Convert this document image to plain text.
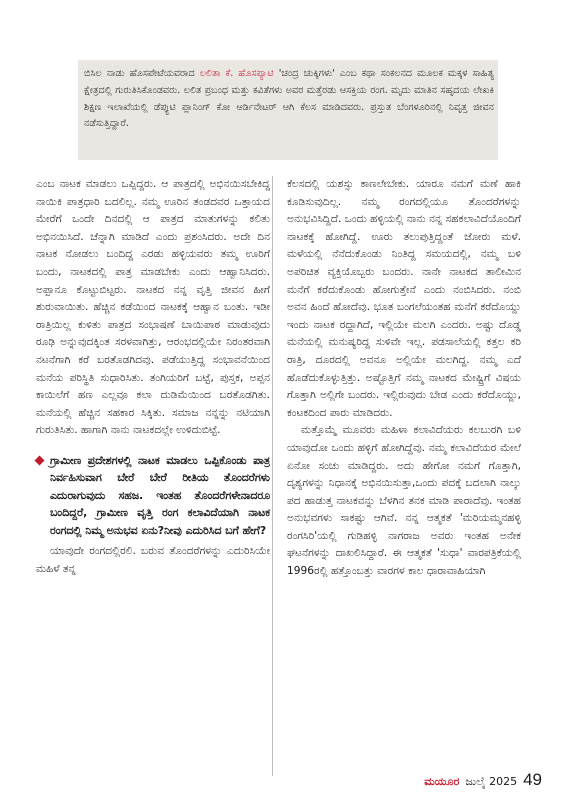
ಬಿಸಿಲ ನಾಡು ಹೊಸಪೇಟೆಯವರಾದ ಲಲಿತಾ ಕೆ. ಹೊಸಪ್ಯಾಟಿ 'ಚಂದ್ರ ಚುಕ್ಕಿಗಳು' ಎಂಬ ಕಥಾ ಸಂಕಲನದ ಮೂಲಕ ಮಕ್ಕಳ ಸಾಹಿತ್ಯ ಕ್ಷೇತ್ರದಲ್ಲಿ ಗುರುತಿಸಿಕೊಂಡವರು. ಲಲಿತ ಪ್ರಬಂಧ ಮತ್ತು ಕವಿತೆಗಳು ಅವರ ಮತ್ತೆರಡು ಆಸಕ್ತಿಯ ರಂಗ. ಮೃದು ಮಾತಿನ ಸಹೃದಯ ಲೇಖಕಿ ಶಿಕ್ಷಣ ಇಲಾಖೆಯಲ್ಲಿ ಡೆಪ್ಯುಟಿ ಪ್ಲಾನಿಂಗ್ ಕೋ ಆರ್ಡಿನೇಟರ್ ಆಗಿ ಕೆಲಸ ಮಾಡಿದವರು. ಪ್ರಸ್ತುತ ಬೆಂಗಳೂರಿನಲ್ಲಿ ನಿವೃತ್ತ ಜೀವನ ನಡೆಸುತ್ತಿದ್ದಾರೆ.

ಎಂಬ ನಾಟಕ ಮಾಡಲು ಒಪ್ಪಿದ್ದರು. ಆ ಪಾತ್ರದಲ್ಲಿ ಅಭಿನಯಿಸಬೇಕಿದ್ದ ನಾಯಿಕಿ ಪಾತ್ರಧಾರಿ ಬದಲಿಲ್ಲ. ನಮ್ಮ ಊರಿನ ತಂಡದವರ ಒತ್ತಾಯದ ಮೇರೆಗೆ ಒಂದೇ ದಿನದಲ್ಲಿ ಆ ಪಾತ್ರದ ಮಾತುಗಳನ್ನು ಕಲಿತು ಅಭಿನಯಿಸಿದೆ. ಚೆನ್ನಾಗಿ ಮಾಡಿದೆ ಎಂದು ಪ್ರಶಂಸಿದರು. ಅದೇ ದಿನ ನಾಟಕ ನೋಡಲು ಬಂದಿದ್ದ ಎರಡು ಹಳ್ಳಿಯವರು ತಮ್ಮ ಊರಿಗೆ ಬಂದು, ನಾಟಕದಲ್ಲಿ ಪಾತ್ರ ಮಾಡಬೇಕು ಎಂದು ಆಹ್ವಾನಿಸಿದರು. ಅಪ್ಪಾನೂ ಕೊಟ್ಟುಬಿಟ್ಟರು. ನಾಟಕದ ನನ್ನ ವೃತ್ತಿ ಜೀವನ ಹೀಗೆ ಶುರುವಾಯಿತು. ಹೆಚ್ಚಿನ ಕಡೆಯಿಂದ ನಾಟಕಕ್ಕೆ ಆಹ್ವಾನ ಬಂತು. ಇಡೀ ರಾತ್ರಿಯಿಲ್ಲ ಕುಳಿತು ಪಾತ್ರದ ಸಂಭಾಷಣೆ ಬಾಯಿಪಾಠ ಮಾಡುವುದು ರೂಢಿ ಅನ್ನುವುದಕ್ಕಿಂತ ಸರಳವಾಗಿತ್ತು, ಆರಂಭದಲ್ಲಿಯೇ ನಿರಂತರವಾಗಿ ನಟನೆಗಾಗಿ ಕರೆ ಬರತೊಡಗಿದವು. ಪಡೆಯುತ್ತಿದ್ದ ಸಂಭಾವನೆಯಿಂದ ಮನೆಯ ಪರಿಸ್ಥಿತಿ ಸುಧಾರಿಸಿತು. ತಂಗಿಯರಿಗೆ ಬಟ್ಟೆ, ಪುಸ್ತಕ, ಅಪ್ಪನ ಕಾಯಿಲೆಗೆ ಹಣ ಎಲ್ಲವೂ ಕಲಾ ದುಡಿಮೆಯಿಂದ ಬರತೊಡಗಿತು. ಮನೆಯಲ್ಲಿ ಹೆಚ್ಚಿನ ಸಹಕಾರ ಸಿಕ್ಕಿತು. ಸಮಾಜ ನನ್ನನ್ನು ನಟಿಯಾಗಿ ಗುರುತಿಸಿತು. ಹಾಗಾಗಿ ನಾನು ನಾಟಕದಲ್ಲೇ ಉಳಿದುಬಿಟ್ಟೆ.

ಗ್ರಾಮೀಣ ಪ್ರದೇಶಗಳಲ್ಲಿ ನಾಟಕ ಮಾಡಲು ಒಪ್ಪಿಕೊಂಡು ಪಾತ್ರ ನಿರ್ವಹಿಸುವಾಗ ಬೇರೆ ಬೇರೆ ರೀತಿಯ ತೊಂದರೆಗಳು ಎದುರಾಗುವುದು ಸಹಜ. ಇಂತಹ ತೊಂದರೆಗಳೇನಾದರೂ ಬಂದಿದ್ದರೆ, ಗ್ರಾಮೀಣ ವೃತ್ತಿ ರಂಗ ಕಲಾವಿದೆಯಾಗಿ ನಾಟಕ ರಂಗದಲ್ಲಿ ನಿಮ್ಮ ಅನುಭವ ಏನು?ನೀವು ಎದುರಿಸಿದ ಬಗೆ ಹೇಗೆ?

ಯಾವುದೇ ರಂಗದಲ್ಲಿರಲಿ. ಬರುವ ತೊಂದರೆಗಳನ್ನು ಎದುರಿಸಿಯೇ ಮಹಿಳೆ ತನ್ನ

ಕೆಲಸದಲ್ಲಿ ಯಶಸ್ಸು ಕಾಣಲೇಬೇಕು. ಯಾರೂ ನಮಗೆ ಮಣೆ ಹಾಕಿ ಕೂಡಿಸುವುದಿಲ್ಲ. ನಮ್ಮ ರಂಗದಲ್ಲಿಯೂ ತೊಂದರೆಗಳನ್ನು ಅನುಭವಿಸಿದ್ದಿದೆ. ಒಂದು ಹಳ್ಳಿಯಲ್ಲಿ ನಾನು ನನ್ನ ಸಹಕಲಾವಿದೆಯೊಂದಿಗೆ ನಾಟಕಕ್ಕೆ ಹೋಗಿದ್ದೆ. ಊರು ತಲುಪುತ್ತಿದ್ದಂತೆ ಜೋರು ಮಳೆ. ಮಳೆಯಲ್ಲಿ ನೆನೆದುಕೊಂಡು ನಿಂತಿದ್ದ ಸಮಯದಲ್ಲಿ, ನಮ್ಮ ಬಳಿ ಅಪರಿಚಿತ ವ್ಯಕ್ತಿಯೊಬ್ಬರು ಬಂದರು. ನಾನೇ ನಾಟಕದ ತಾಲೀಮಿನ ಮನೆಗೆ ಕರೆದುಕೊಂಡು ಹೋಗುತ್ತೇನೆ ಎಂದು ನಂಬಿಸಿದರು. ನಂಬಿ ಅವನ ಹಿಂದೆ ಹೋದೆವು. ಭೂತ ಬಂಗಲೆಯಂತಹ ಮನೆಗೆ ಕರೆದೊಯ್ದು ಇಂದು ನಾಟಕ ರದ್ದಾಗಿದೆ, ಇಲ್ಲಿಯೇ ಮಲಗಿ ಎಂದರು. ಅಷ್ಟು ದೊಡ್ಡ ಮನೆಯಲ್ಲಿ ಮನುಷ್ಯರಿದ್ದ ಸುಳಿವೇ ಇಲ್ಲ. ಪಡಸಾಲೆಯಲ್ಲಿ ಕತ್ತಲ ಕರಿ ರಾತ್ರಿ, ದೂರದಲ್ಲಿ ಅವನೂ ಅಲ್ಲಿಯೇ ಮಲಗಿದ್ದ. ನಮ್ಮ ಎದೆ ಹೊಡೆದುಕೊಳ್ಳುತ್ತಿತ್ತು. ಅಷ್ಟೊತ್ತಿಗೆ ನಮ್ಮ ನಾಟಕದ ಮೇಷ್ಟ್ರಿಗೆ ವಿಷಯ ಗೊತ್ತಾಗಿ ಅಲ್ಲಿಗೇ ಬಂದರು. ಇಲ್ಲಿರುವುದು ಬೇಡ ಎಂದು ಕರೆದೊಯ್ದು, ಕಂಟಕದಿಂದ ಪಾರು ಮಾಡಿದರು.

ಮತ್ತೊಮ್ಮೆ ಮೂವರು ಮಹಿಳಾ ಕಲಾವಿದೆಯರು ಕಲಬುರಗಿ ಬಳಿ ಯಾವುದೋ ಒಂದು ಹಳ್ಳಿಗೆ ಹೋಗಿದ್ದೆವು. ನಮ್ಮ ಕಲಾವಿದೆಯರ ಮೇಲೆ ಏನೋ ಸಂಚು ಮಾಡಿದ್ದರು. ಅದು ಹೇಗೋ ನಮಗೆ ಗೊತ್ತಾಗಿ, ದೃಶ್ಯಗಳನ್ನು ನಿಧಾನಕ್ಕೆ ಅಭಿನಯಿಸುತ್ತಾ,ಒಂದು ಪದಕ್ಕೆ ಬದಲಾಗಿ ನಾಲ್ಕು ಪದ ಹಾಡುತ್ತ ನಾಟಕವನ್ನು ಬೆಳಗಿನ ತನಕ ಮಾಡಿ ಪಾರಾದೆವು. ಇಂತಹ ಅನುಭವಗಳು ಸಾಕಷ್ಟು ಆಗಿವೆ. ನನ್ನ ಆತ್ಮಕತೆ 'ಮರಿಯಮ್ಮನಹಳ್ಳಿ ರಂಗಸಿರಿ'ಯಲ್ಲಿ ಗುಡಿಹಳ್ಳಿ ನಾಗರಾಜ ಅವರು ಇಂತಹ ಅನೇಕ ಘಟನೆಗಳನ್ನು ದಾಖಲಿಸಿದ್ದಾರೆ. ಈ ಆತ್ಮಕತೆ 'ಸುಧಾ' ವಾರಪತ್ರಿಕೆಯಲ್ಲಿ 1996ರಲ್ಲಿ ಹತ್ತೊಂಬತ್ತು ವಾರಗಳ ಕಾಲ ಧಾರಾವಾಹಿಯಾಗಿ

ಮಯೂರ ಜುಲೈ 2025 49
